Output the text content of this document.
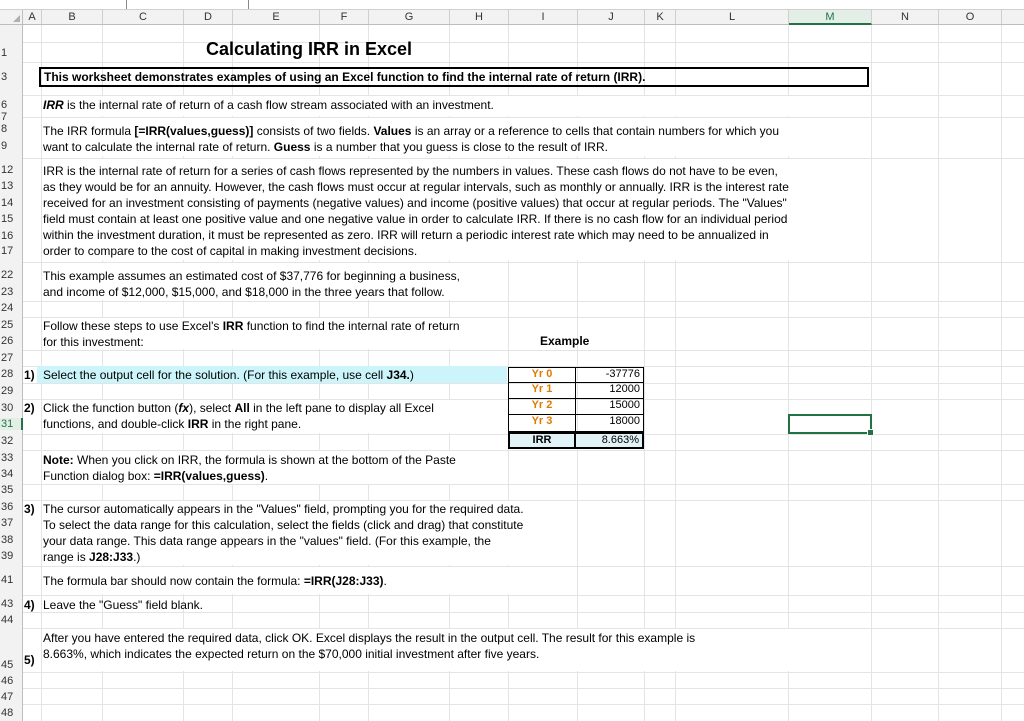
A	B	C	D	E	F	G	H	I	J	K	L	M	N	O
1
3
6
7
8
9
12
13
14
15
16
17
22
23
24
25
26
27
28
29
30
31
32
33
34
35
36
37
38
39
41
43
44
45
46
47
48
Calculating IRR in Excel
This worksheet demonstrates examples of using an Excel function to find the internal rate of return (IRR).
IRR is the internal rate of return of a cash flow stream associated with an investment.
The IRR formula [=IRR(values,guess)] consists of two fields. Values is an array or a reference to cells that contain numbers for which you
want to calculate the internal rate of return. Guess is a number that you guess is close to the result of IRR.
IRR is the internal rate of return for a series of cash flows represented by the numbers in values. These cash flows do not have to be even,
as they would be for an annuity. However, the cash flows must occur at regular intervals, such as monthly or annually. IRR is the interest rate
received for an investment consisting of payments (negative values) and income (positive values) that occur at regular periods. The "Values"
field must contain at least one positive value and one negative value in order to calculate IRR. If there is no cash flow for an individual period
within the investment duration, it must be represented as zero. IRR will return a periodic interest rate which may need to be annualized in
order to compare to the cost of capital in making investment decisions.
This example assumes an estimated cost of $37,776 for beginning a business,
and income of $12,000, $15,000, and $18,000 in the three years that follow.
Follow these steps to use Excel's IRR function to find the internal rate of return
for this investment:	Example
Yr 0	-37776
Yr 1	12000
Yr 2	15000
Yr 3	18000
IRR	8.663%
1) Select the output cell for the solution. (For this example, use cell J34.)
2) Click the function button (fx), select All in the left pane to display all Excel
functions, and double-click IRR in the right pane.
Note: When you click on IRR, the formula is shown at the bottom of the Paste
Function dialog box: =IRR(values,guess).
3) The cursor automatically appears in the "Values" field, prompting you for the required data.
To select the data range for this calculation, select the fields (click and drag) that constitute
your data range. This data range appears in the "values" field. (For this example, the
range is J28:J33.)
The formula bar should now contain the formula: =IRR(J28:J33).
4) Leave the "Guess" field blank.
5)
After you have entered the required data, click OK. Excel displays the result in the output cell. The result for this example is
8.663%, which indicates the expected return on the $70,000 initial investment after five years.
